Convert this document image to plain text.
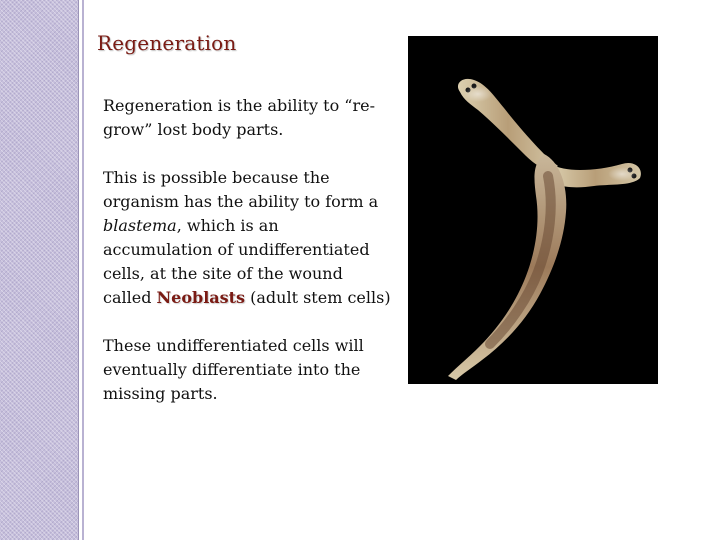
Regeneration

Regeneration is the ability to “re-grow” lost body parts.

This is possible because the organism has the ability to form a blastema, which is an accumulation of undifferentiated cells, at the site of the wound called Neoblasts (adult stem cells)

These undifferentiated cells will eventually differentiate into the missing parts.
